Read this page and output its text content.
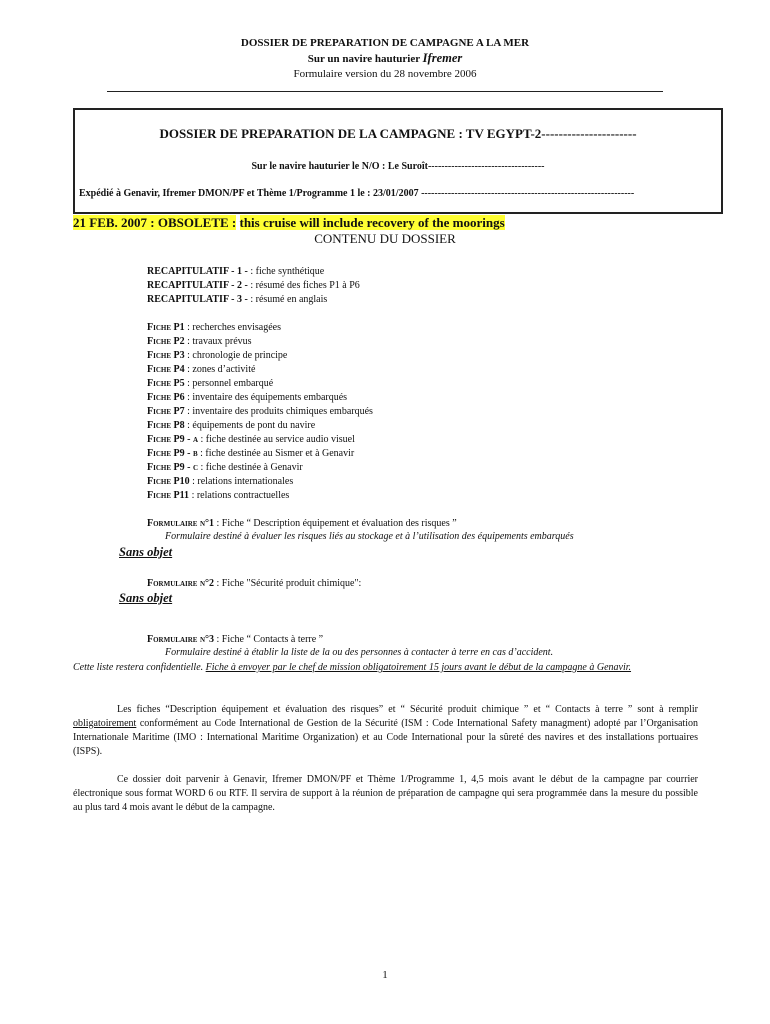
DOSSIER DE PREPARATION DE CAMPAGNE A LA MER
Sur un navire hauturier Ifremer
Formulaire version du 28 novembre 2006
DOSSIER DE PREPARATION DE LA CAMPAGNE : TV EGYPT-2----------------------
Sur le navire hauturier le N/O : Le Suroît-----------------------------------
Expédié à Genavir, Ifremer DMON/PF et Thème 1/Programme 1 le : 23/01/2007 ----------------------------------------------------------------
21 FEB. 2007 : OBSOLETE : this cruise will include recovery of the moorings
CONTENU DU DOSSIER
RECAPITULATIF - 1 - : fiche synthétique
RECAPITULATIF - 2 - : résumé des fiches P1 à P6
RECAPITULATIF - 3 - : résumé en anglais
Fiche P1 : recherches envisagées
Fiche P2 : travaux prévus
Fiche P3 : chronologie de principe
Fiche P4 : zones d’activité
Fiche P5 : personnel embarqué
Fiche P6 : inventaire des équipements embarqués
Fiche P7 : inventaire des produits chimiques embarqués
Fiche P8 : équipements de pont du navire
Fiche P9 - a : fiche destinée au service audio visuel
Fiche P9 - b : fiche destinée au Sismer et à Genavir
Fiche P9 - c : fiche destinée à Genavir
Fiche P10 : relations internationales
Fiche P11 : relations contractuelles
Formulaire n°1 : Fiche “ Description équipement et évaluation des risques ”
Formulaire destiné à évaluer les risques liés au stockage et à l’utilisation des équipements embarqués
Sans objet
Formulaire n°2 : Fiche "Sécurité produit chimique":
Sans objet
Formulaire n°3 : Fiche “ Contacts à terre ”
Formulaire destiné à établir la liste de la ou des personnes à contacter à terre en cas d’accident.
Cette liste restera confidentielle. Fiche à envoyer par le chef de mission obligatoirement 15 jours avant le début de la campagne à Genavir.
Les fiches “Description équipement et évaluation des risques” et “ Sécurité produit chimique ” et “ Contacts à terre ” sont à remplir obligatoirement conformément au Code International de Gestion de la Sécurité (ISM : Code International Safety managment) adopté par l’Organisation Internationale Maritime (IMO : International Maritime Organization) et au Code International pour la sûreté des navires et des installations portuaires (ISPS).
Ce dossier doit parvenir à Genavir, Ifremer DMON/PF et Thème 1/Programme 1, 4,5 mois avant le début de la campagne par courrier électronique sous format WORD 6 ou RTF. Il servira de support à la réunion de préparation de campagne qui sera programmée dans la mesure du possible au plus tard 4 mois avant le début de la campagne.
1
